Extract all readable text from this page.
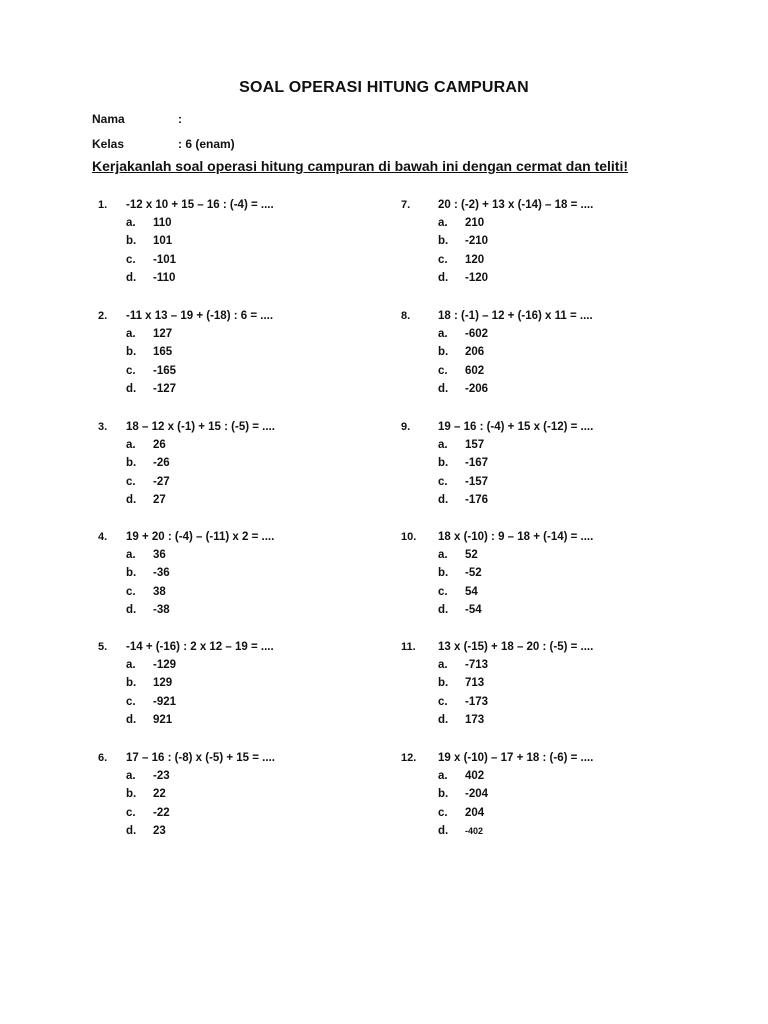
SOAL OPERASI HITUNG CAMPURAN
Nama	:
Kelas	: 6 (enam)
Kerjakanlah soal operasi hitung campuran di bawah ini dengan cermat dan teliti!
1. -12 x 10 + 15 – 16 : (-4) = ....
a. 110
b. 101
c. -101
d. -110
2. -11 x 13 – 19 + (-18) : 6 = ....
a. 127
b. 165
c. -165
d. -127
3. 18 – 12 x (-1) + 15 : (-5) = ....
a. 26
b. -26
c. -27
d. 27
4. 19 + 20 : (-4) – (-11) x 2 = ....
a. 36
b. -36
c. 38
d. -38
5. -14 + (-16) : 2 x 12 – 19 = ....
a. -129
b. 129
c. -921
d. 921
6. 17 – 16 : (-8) x (-5) + 15 = ....
a. -23
b. 22
c. -22
d. 23
7. 20 : (-2) + 13 x (-14) – 18 = ....
a. 210
b. -210
c. 120
d. -120
8. 18 : (-1) – 12 + (-16) x 11 = ....
a. -602
b. 206
c. 602
d. -206
9. 19 – 16 : (-4) + 15 x (-12) = ....
a. 157
b. -167
c. -157
d. -176
10. 18 x (-10) : 9 – 18 + (-14) = ....
a. 52
b. -52
c. 54
d. -54
11. 13 x (-15) + 18 – 20 : (-5) = ....
a. -713
b. 713
c. -173
d. 173
12. 19 x (-10) – 17 + 18 : (-6) = ....
a. 402
b. -204
c. 204
d. -402
